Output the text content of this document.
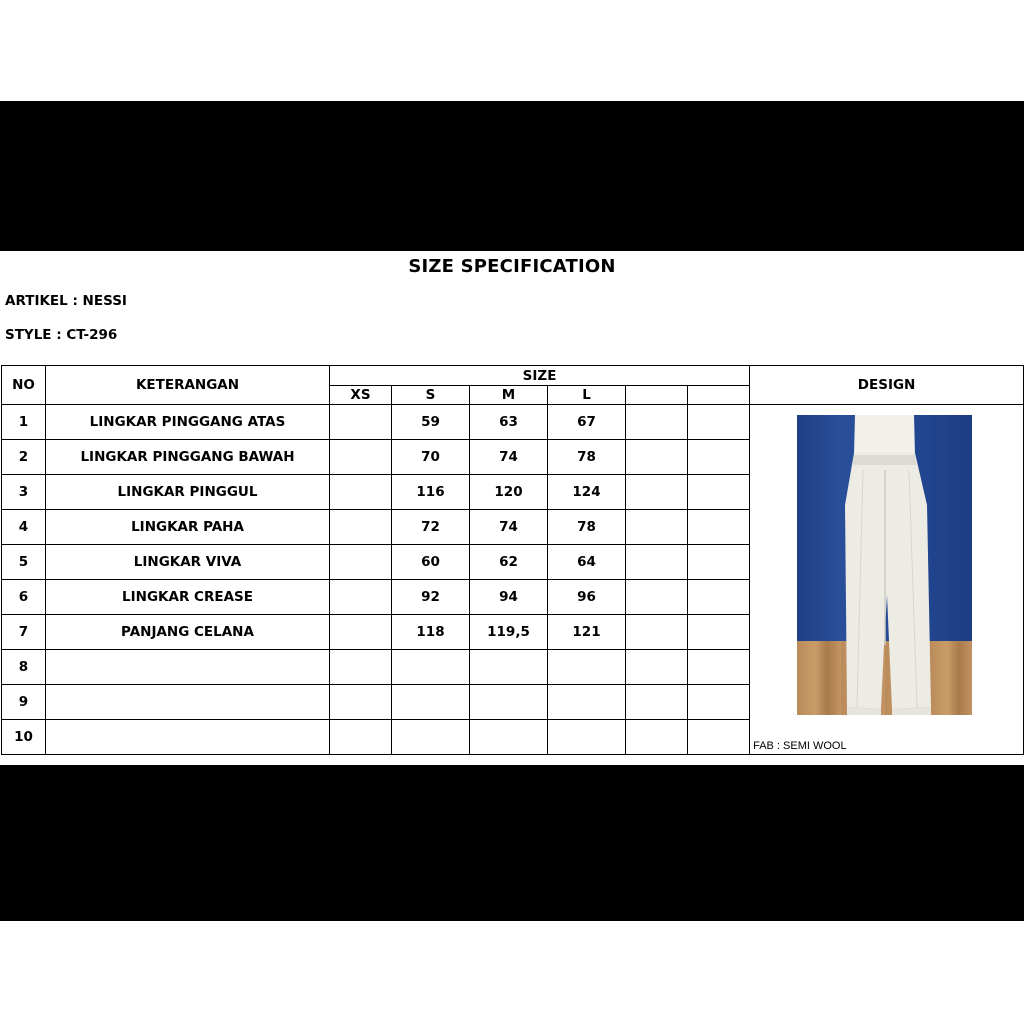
SIZE SPECIFICATION
ARTIKEL : NESSI
STYLE : CT-296
NO	KETERANGAN	SIZE						DESIGN
		XS	S	M	L			
1	LINGKAR PINGGANG ATAS		59	63	67			FAB : SEMI WOOL

2	LINGKAR PINGGANG BAWAH		70	74	78			
3	LINGKAR PINGGUL		116	120	124			
4	LINGKAR PAHA		72	74	78			
5	LINGKAR VIVA		60	62	64			
6	LINGKAR CREASE		92	94	96			
7	PANJANG CELANA		118	119,5	121			
8								
9								
10								
